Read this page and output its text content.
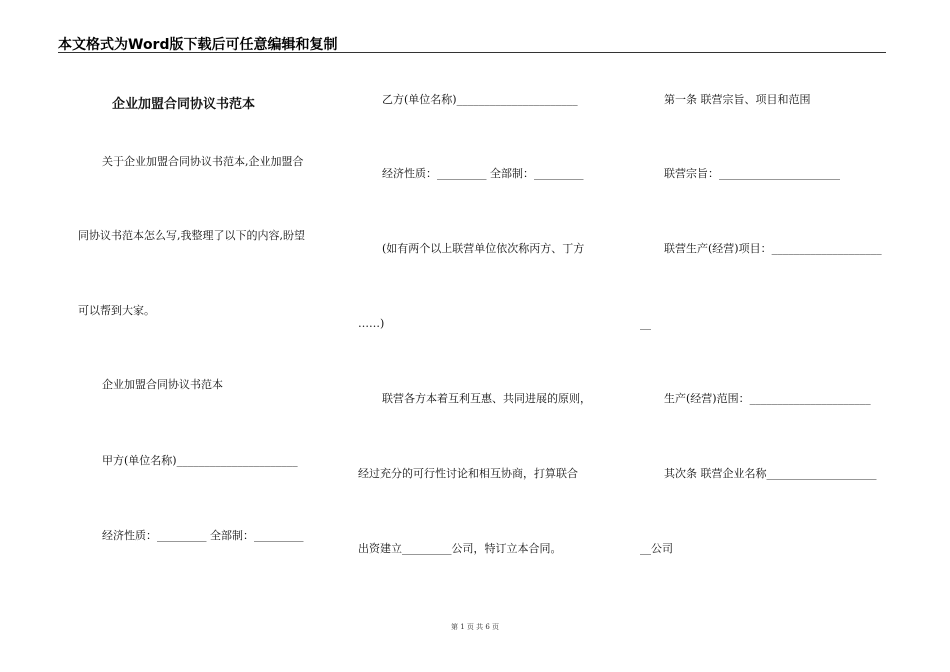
本文格式为Word版下载后可任意编辑和复制
企业加盟合同协议书范本
关于企业加盟合同协议书范本,企业加盟合
同协议书范本怎么写,我整理了以下的内容,盼望
可以帮到大家。
企业加盟合同协议书范本
甲方(单位名称)______________________
经济性质：_________ 全部制：_________
乙方(单位名称)______________________
经济性质：_________ 全部制：_________
(如有两个以上联营单位依次称丙方、丁方
……)
联营各方本着互利互惠、共同进展的原则，
经过充分的可行性讨论和相互协商，打算联合
出资建立_________公司，特订立本合同。
第一条 联营宗旨、项目和范围
联营宗旨：______________________
联营生产(经营)项目：____________________
__
生产(经营)范围：______________________
其次条 联营企业名称____________________
__公司
第 1 页 共 6 页
